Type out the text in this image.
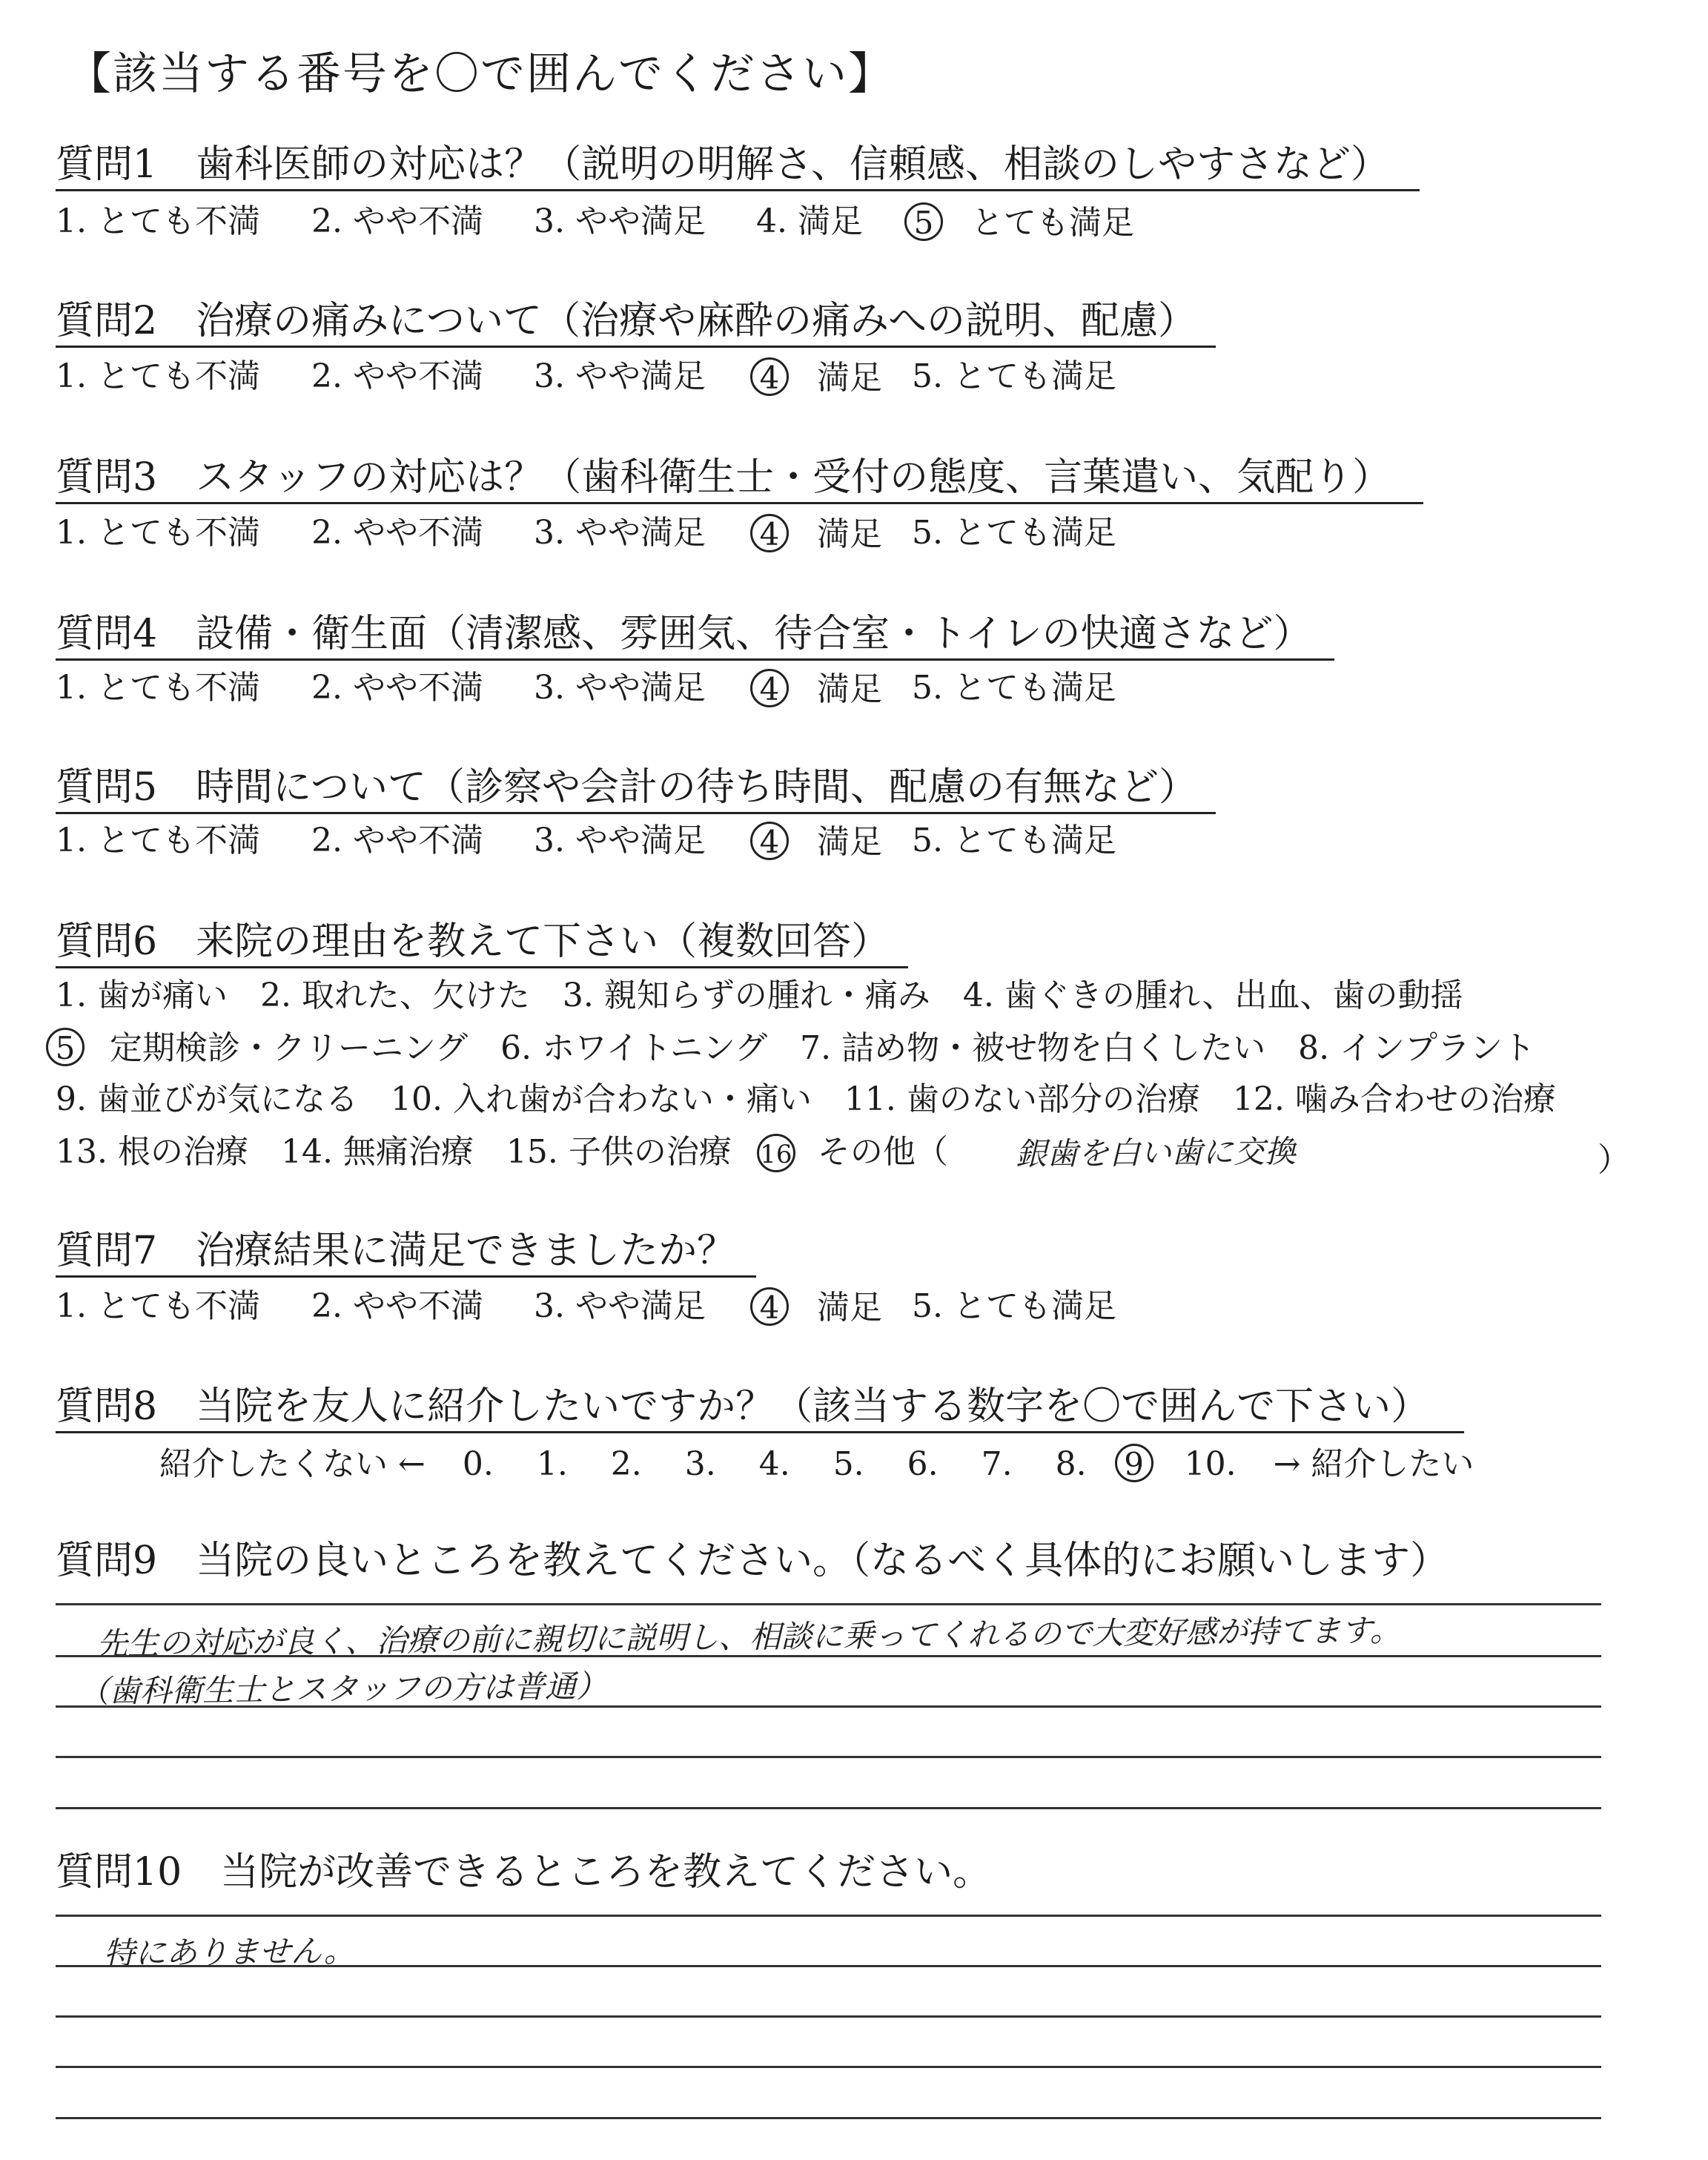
【該当する番号を〇で囲んでください】
質問1　歯科医師の対応は？（説明の明解さ、信頼感、相談のしやすさなど）
1. とても不満 2. やや不満 3. やや満足 4. 満足	5 とても満足
質問2　治療の痛みについて（治療や麻酔の痛みへの説明、配慮）
1. とても不満 2. やや不満 3. やや満足	4 満足 5. とても満足
質問3　スタッフの対応は？（歯科衛生士・受付の態度、言葉遣い、気配り）
1. とても不満 2. やや不満 3. やや満足	4 満足 5. とても満足
質問4　設備・衛生面（清潔感、雰囲気、待合室・トイレの快適さなど）
1. とても不満 2. やや不満 3. やや満足	4 満足 5. とても満足
質問5　時間について（診察や会計の待ち時間、配慮の有無など）
1. とても不満 2. やや不満 3. やや満足	4 満足 5. とても満足
質問6　来院の理由を教えて下さい（複数回答）
1. 歯が痛い　2. 取れた、欠けた　3. 親知らずの腫れ・痛み　4. 歯ぐきの腫れ、出血、歯の動揺
5 定期検診・クリーニング　6. ホワイトニング　7. 詰め物・被せ物を白くしたい　8. インプラント
9. 歯並びが気になる　10. 入れ歯が合わない・痛い　11. 歯のない部分の治療　12. 噛み合わせの治療
13. 根の治療　14. 無痛治療　15. 子供の治療 16 その他（ 銀歯を白い歯に交換	）
質問7　治療結果に満足できましたか？
1. とても不満 2. やや不満 3. やや満足	4 満足 5. とても満足
質問8　当院を友人に紹介したいですか？（該当する数字を〇で囲んで下さい）
紹介したくない ← 0.　 1.　 2.　 3.　 4.　 5.　 6.　 7.　 8. 9 10. → 紹介したい
質問9　当院の良いところを教えてください。（なるべく具体的にお願いします）
先生の対応が良く、治療の前に親切に説明し、相談に乗ってくれるので大変好感が持てます。
（歯科衛生士とスタッフの方は普通）
質問10　当院が改善できるところを教えてください。
特にありません。
